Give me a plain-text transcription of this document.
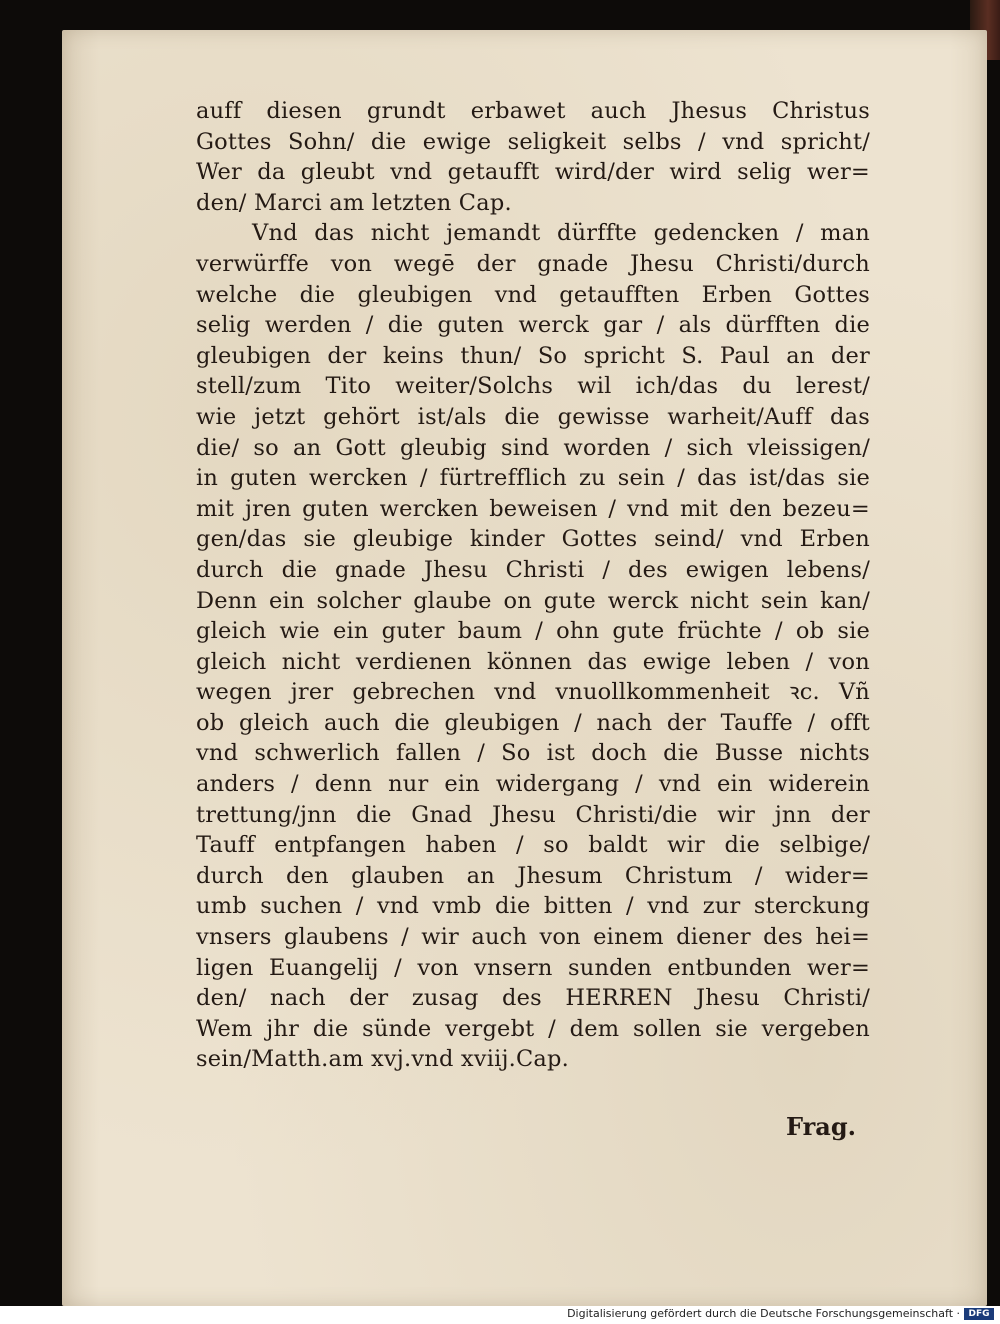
auff diesen grundt erbawet auch Jhesus Christus
Gottes Sohn/ die ewige seligkeit selbs / vnd spricht/
Wer da gleubt vnd getaufft wird/der wird selig wer=
den/ Marci am letzten Cap.
Vnd das nicht jemandt dürffte gedencken / man
verwürffe von wegē der gnade Jhesu Christi/durch
welche die gleubigen vnd getaufften Erben Gottes
selig werden / die guten werck gar / als dürfften die
gleubigen der keins thun/ So spricht S. Paul an der
stell/zum Tito weiter/Solchs wil ich/das du lerest/
wie jetzt gehört ist/als die gewisse warheit/Auff das
die/ so an Gott gleubig sind worden / sich vleissigen/
in guten wercken / fürtrefflich zu sein / das ist/das sie
mit jren guten wercken beweisen / vnd mit den bezeu=
gen/das sie gleubige kinder Gottes seind/ vnd Erben
durch die gnade Jhesu Christi / des ewigen lebens/
Denn ein solcher glaube on gute werck nicht sein kan/
gleich wie ein guter baum / ohn gute früchte / ob sie
gleich nicht verdienen können das ewige leben / von
wegen jrer gebrechen vnd vnuollkommenheit ꝛc. Vñ
ob gleich auch die gleubigen / nach der Tauffe / offt
vnd schwerlich fallen / So ist doch die Busse nichts
anders / denn nur ein widergang / vnd ein widerein
trettung/jnn die Gnad Jhesu Christi/die wir jnn der
Tauff entpfangen haben / so baldt wir die selbige/
durch den glauben an Jhesum Christum / wider=
umb suchen / vnd vmb die bitten / vnd zur sterckung
vnsers glaubens / wir auch von einem diener des hei=
ligen Euangelij / von vnsern sunden entbunden wer=
den/ nach der zusag des HERREN Jhesu Christi/
Wem jhr die sünde vergebt / dem sollen sie vergeben
sein/Matth.am xvj.vnd xviij.Cap.
Frag.
Digitalisierung gefördert durch die Deutsche Forschungsgemeinschaft · DFG
